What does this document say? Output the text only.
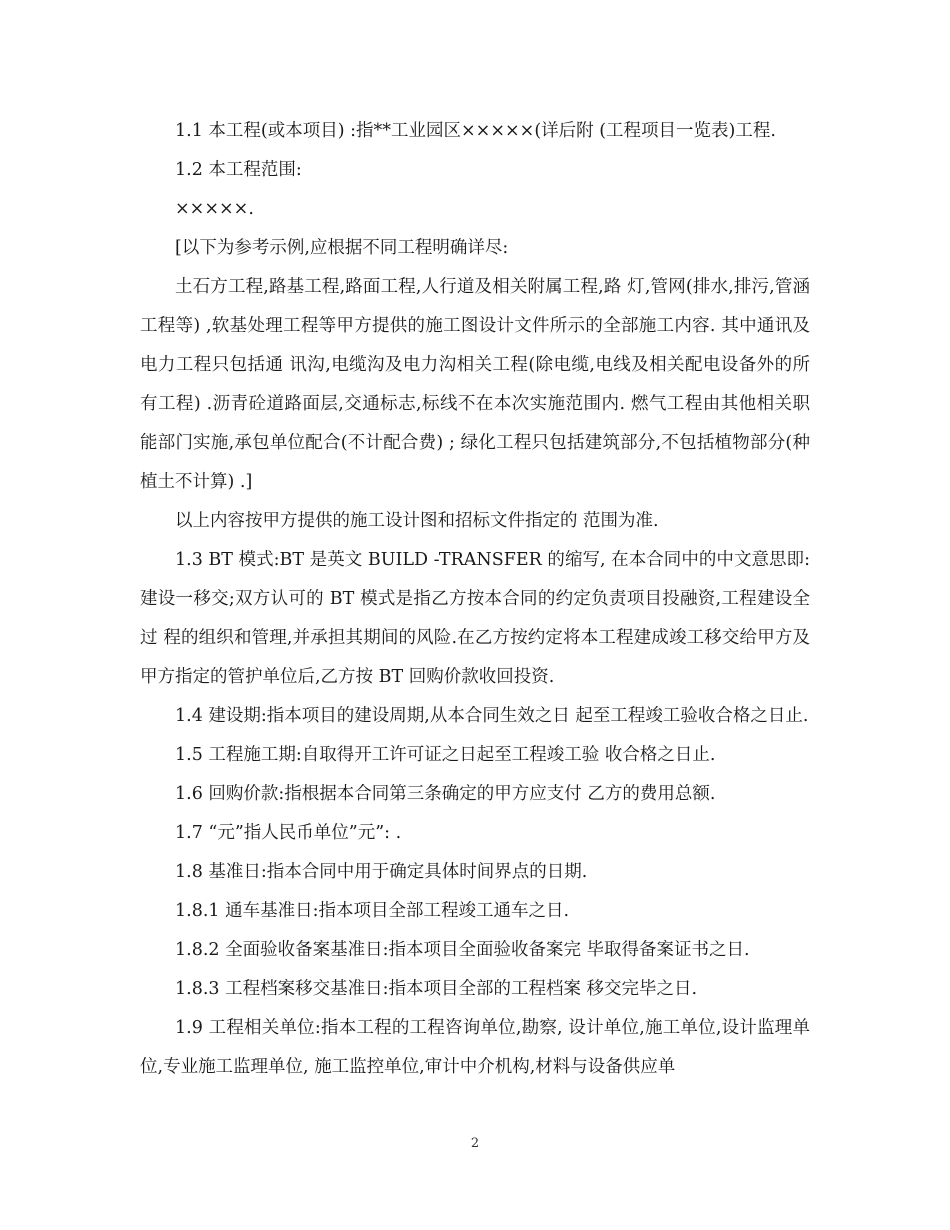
1.1 本工程(或本项目) :指**工业园区×××××(详后附 (工程项目一览表)工程.

1.2 本工程范围:

×××××.

[以下为参考示例,应根据不同工程明确详尽:

土石方工程,路基工程,路面工程,人行道及相关附属工程,路 灯,管网(排水,排污,管涵工程等) ,软基处理工程等甲方提供的施工图设计文件所示的全部施工内容. 其中通讯及电力工程只包括通 讯沟,电缆沟及电力沟相关工程(除电缆,电线及相关配电设备外的所有工程) .沥青砼道路面层,交通标志,标线不在本次实施范围内. 燃气工程由其他相关职能部门实施,承包单位配合(不计配合费) ; 绿化工程只包括建筑部分,不包括植物部分(种植土不计算) .]

以上内容按甲方提供的施工设计图和招标文件指定的 范围为准.

1.3 BT 模式:BT 是英文 BUILD -TRANSFER 的缩写, 在本合同中的中文意思即:建设一移交;双方认可的 BT 模式是指乙方按本合同的约定负责项目投融资,工程建设全过 程的组织和管理,并承担其期间的风险.在乙方按约定将本工程建成竣工移交给甲方及甲方指定的管护单位后,乙方按 BT 回购价款收回投资.

1.4 建设期:指本项目的建设周期,从本合同生效之日 起至工程竣工验收合格之日止.

1.5 工程施工期:自取得开工许可证之日起至工程竣工验 收合格之日止.

1.6 回购价款:指根据本合同第三条确定的甲方应支付 乙方的费用总额.

1.7 “元”指人民币单位”元”: .

1.8 基准日:指本合同中用于确定具体时间界点的日期.

1.8.1 通车基准日:指本项目全部工程竣工通车之日.

1.8.2 全面验收备案基准日:指本项目全面验收备案完 毕取得备案证书之日.

1.8.3 工程档案移交基准日:指本项目全部的工程档案 移交完毕之日.

1.9 工程相关单位:指本工程的工程咨询单位,勘察, 设计单位,施工单位,设计监理单位,专业施工监理单位, 施工监控单位,审计中介机构,材料与设备供应单

2
